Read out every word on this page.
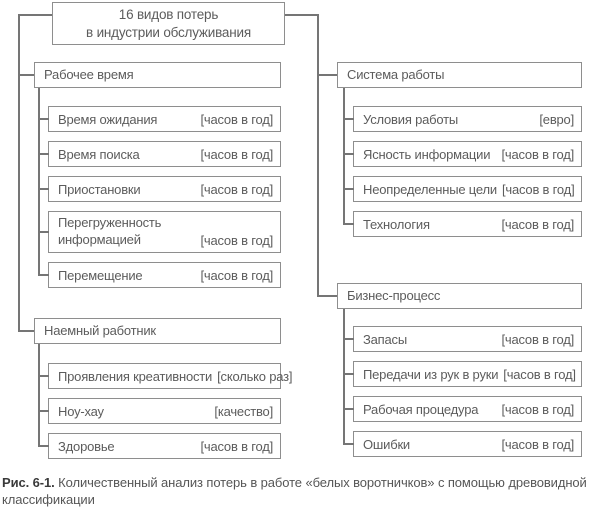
16 видов потерь
в индустрии обслуживания
Рабочее время
Время ожидания	[часов в год]
Время поиска	[часов в год]
Приостановки	[часов в год]
Перегруженность информацией	[часов в год]
Перемещение	[часов в год]
Наемный работник
Проявления креативности [сколько раз]
Ноу-хау	[качество]
Здоровье	[часов в год]
Система работы
Условия работы	[евро]
Ясность информации [часов в год]
Неопределенные цели [часов в год]
Технология	[часов в год]
Бизнес-процесс
Запасы	[часов в год]
Передачи из рук в руки [часов в год]
Рабочая процедура [часов в год]
Ошибки	[часов в год]
Рис. 6-1. Количественный анализ потерь в работе «белых воротничков» с помощью древовидной классификации
